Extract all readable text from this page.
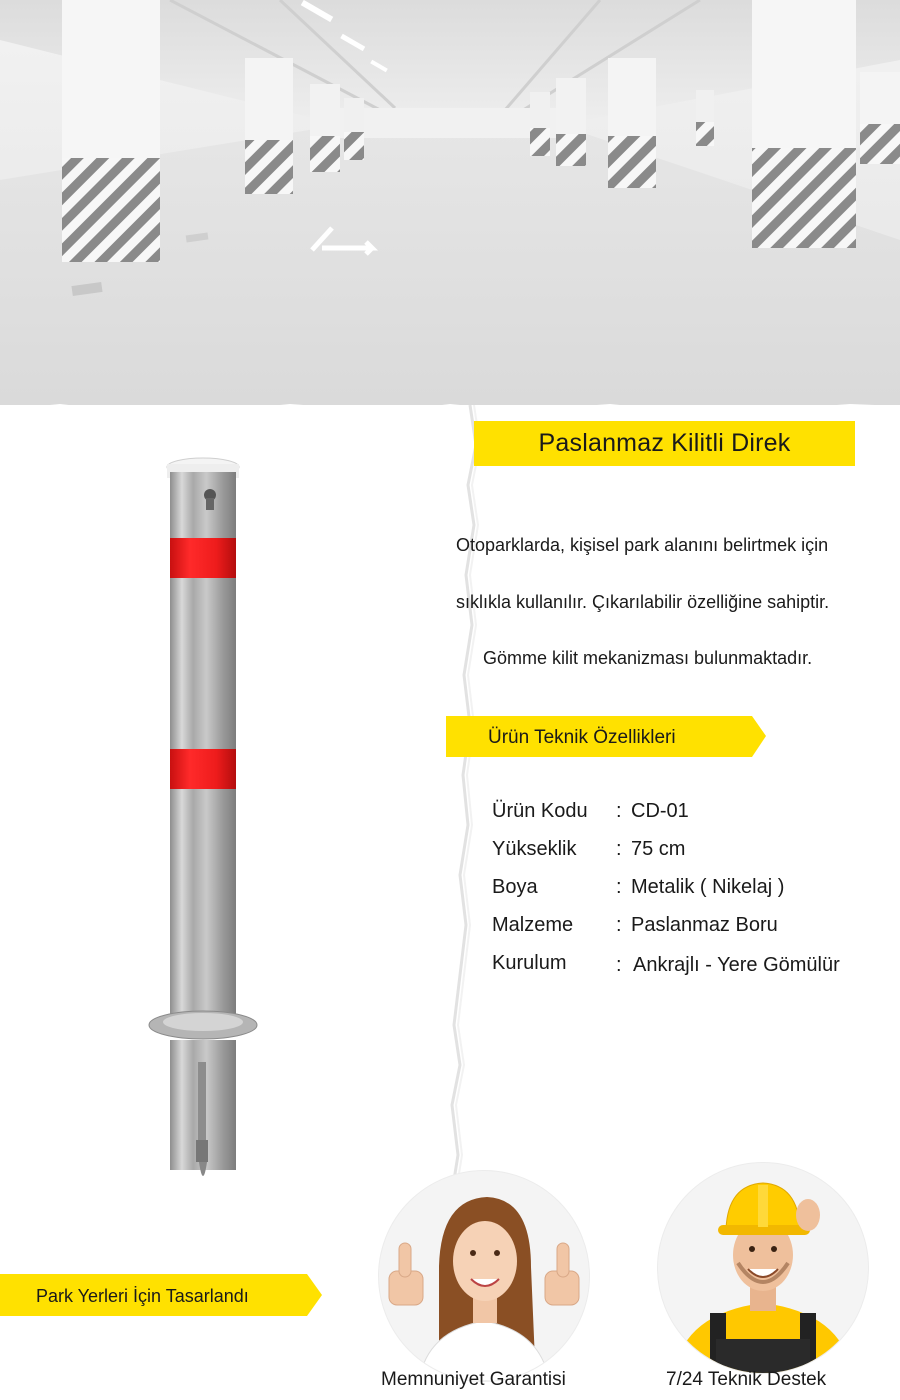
Paslanmaz Kilitli Direk

Otoparklarda, kişisel park alanını belirtmek için

sıklıkla kullanılır. Çıkarılabilir özelliğine sahiptir.

Gömme kilit mekanizması bulunmaktadır.

Ürün Teknik Özellikleri
Ürün Kodu : CD-01
Yükseklik : 75 cm
Boya	: Metalik ( Nikelaj )
Malzeme : Paslanmaz Boru
Kurulum : Ankrajlı - Yere Gömülür
Park Yerleri İçin Tasarlandı
Memnuniyet Garantisi	7/24 Teknik Destek
